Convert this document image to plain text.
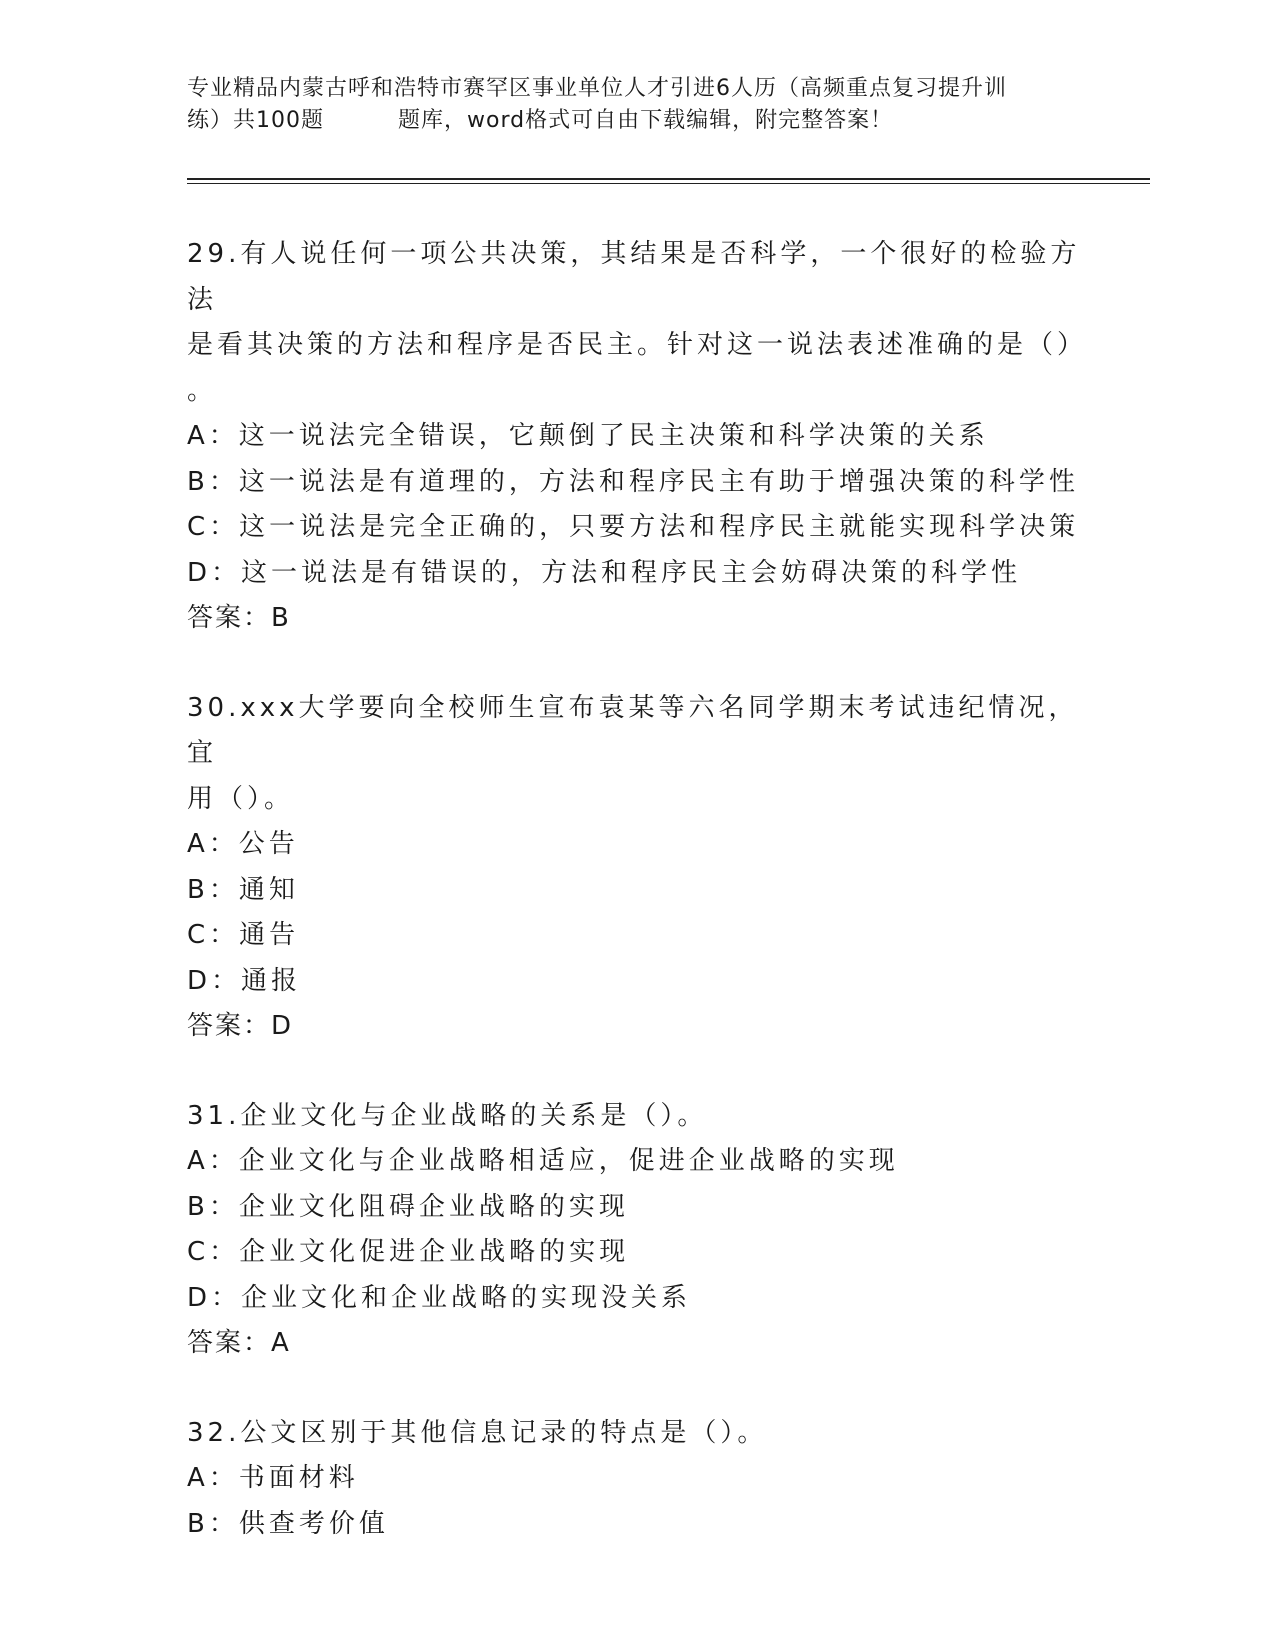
专业精品内蒙古呼和浩特市赛罕区事业单位人才引进6人历（高频重点复习提升训
练）共100题	题库，word格式可自由下载编辑，附完整答案！

29.有人说任何一项公共决策，其结果是否科学，一个很好的检验方法

是看其决策的方法和程序是否民主。针对这一说法表述准确的是（）

。

A：这一说法完全错误，它颠倒了民主决策和科学决策的关系

B：这一说法是有道理的，方法和程序民主有助于增强决策的科学性

C：这一说法是完全正确的，只要方法和程序民主就能实现科学决策

D：这一说法是有错误的，方法和程序民主会妨碍决策的科学性

答案：B

30.xxx大学要向全校师生宣布袁某等六名同学期末考试违纪情况，宜

用（）。

A：公告

B：通知

C：通告

D：通报

答案：D

31.企业文化与企业战略的关系是（）。

A：企业文化与企业战略相适应，促进企业战略的实现

B：企业文化阻碍企业战略的实现

C：企业文化促进企业战略的实现

D：企业文化和企业战略的实现没关系

答案：A

32.公文区别于其他信息记录的特点是（）。

A：书面材料

B：供查考价值
